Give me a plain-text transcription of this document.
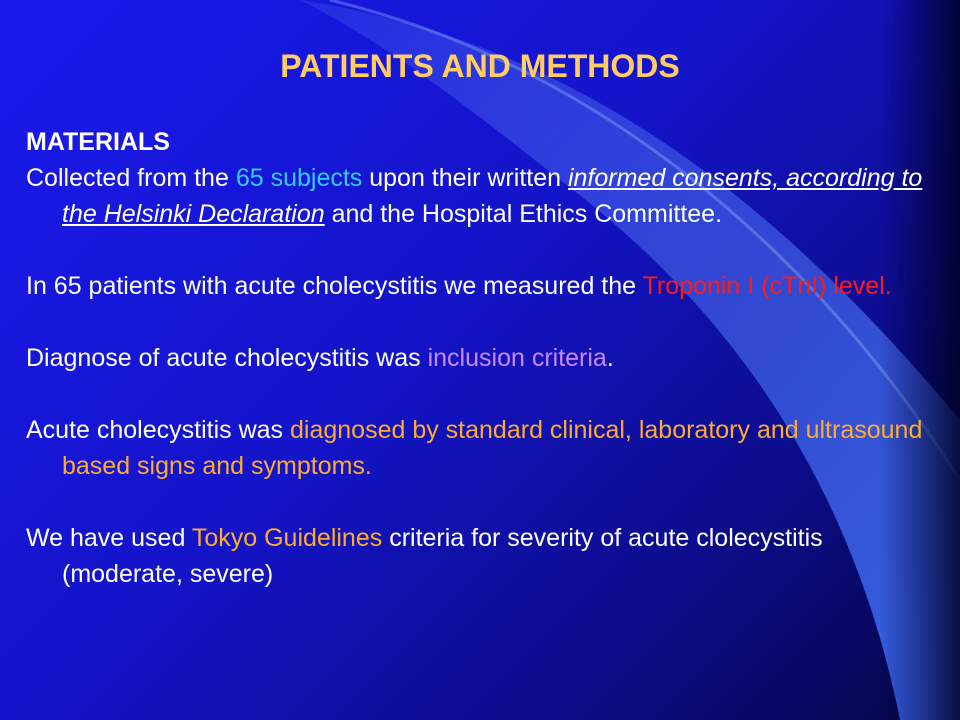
PATIENTS AND METHODS
MATERIALS
Collected from the 65 subjects upon their written informed consents, according to the Helsinki Declaration and the Hospital Ethics Committee.
In 65 patients with acute cholecystitis we measured the Troponin I (cTnI) level.
Diagnose of acute cholecystitis was inclusion criteria.
Acute cholecystitis was diagnosed by standard clinical, laboratory and ultrasound based signs and symptoms.
We have used Tokyo Guidelines criteria for severity of acute clolecystitis (moderate, severe)
